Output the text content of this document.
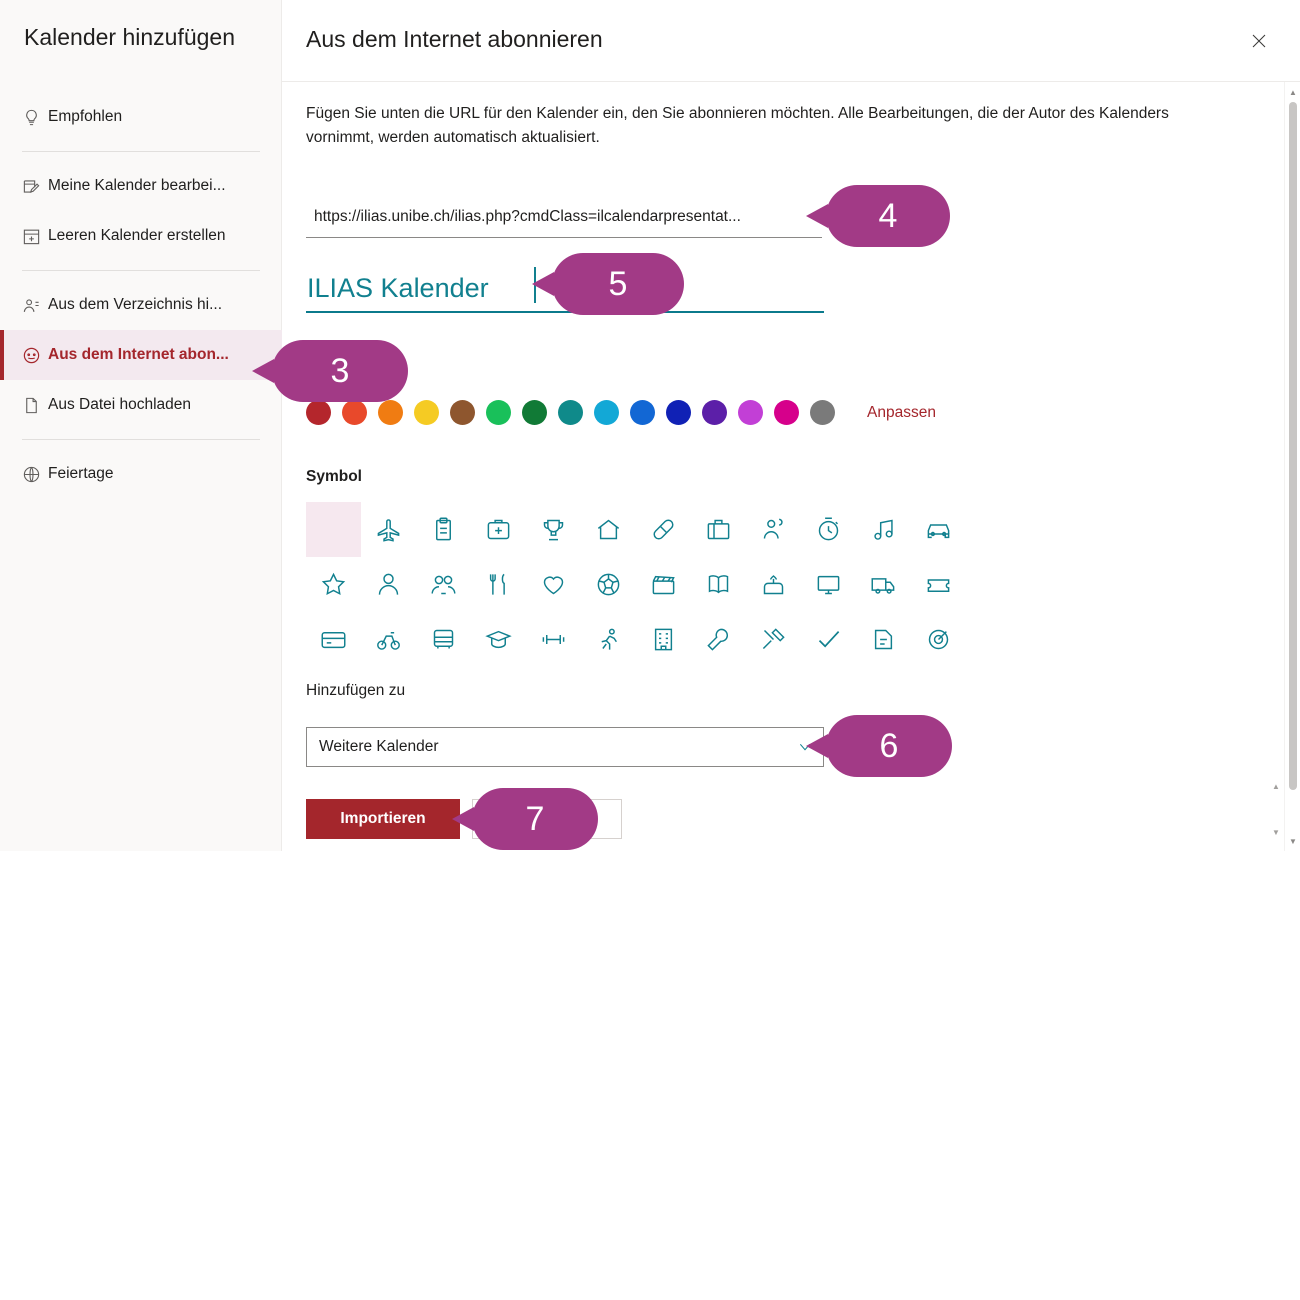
Kalender hinzufügen
Empfohlen
Meine Kalender bearbei...
Leeren Kalender erstellen
Aus dem Verzeichnis hi...
Aus dem Internet abon...
Aus Datei hochladen
Feiertage
Aus dem Internet abonnieren
Fügen Sie unten die URL für den Kalender ein, den Sie abonnieren möchten. Alle Bearbeitungen, die der Autor des Kalenders vornimmt, werden automatisch aktualisiert.
https://ilias.unibe.ch/ilias.php?cmdClass=ilcalendarpresentat...
ILIAS Kalender
Anpassen
Symbol
Hinzufügen zu
Weitere Kalender
Importieren
▲
▼
▲
▼
3
4
5
6
7
